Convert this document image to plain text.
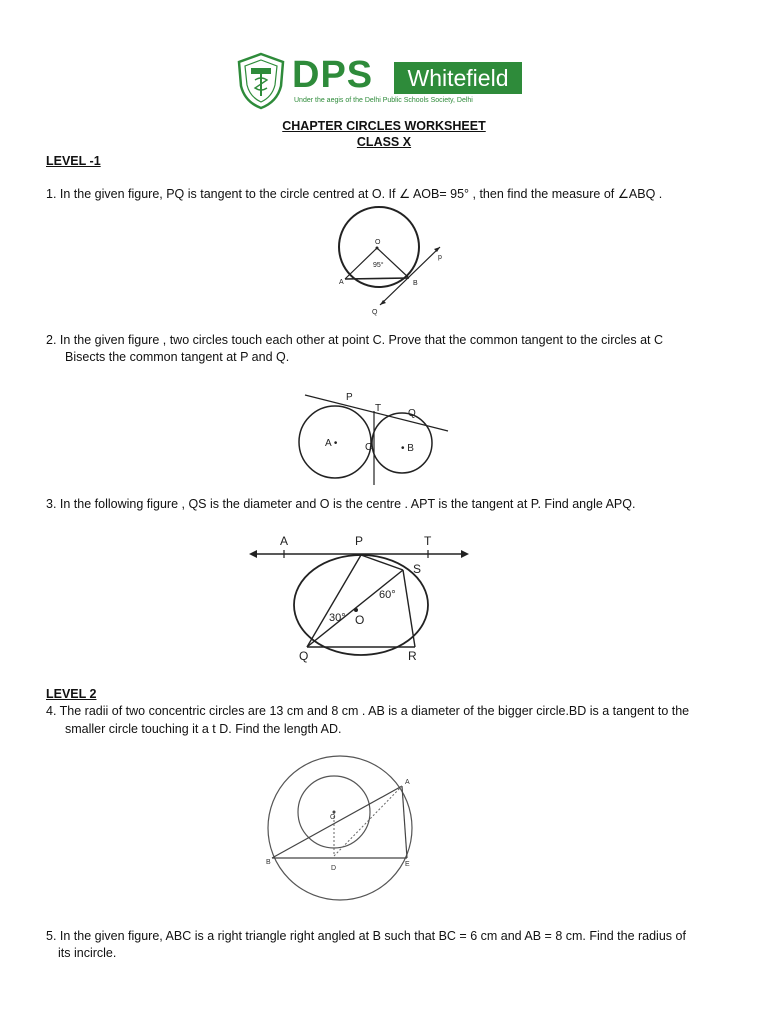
DPS	Whitefield
Under the aegis of the Delhi Public Schools Society, Delhi
CHAPTER CIRCLES WORKSHEET
CLASS X
LEVEL -1
1. In the given figure, PQ is tangent to the circle centred at O. If ∠ AOB= 95° , then find the measure of ∠ABQ .
O
95°
A	B
p
Q
2. In the given figure , two circles touch each other at point C. Prove that the common tangent to the circles at C
Bisects the common tangent at P and Q.
P
T	Q
A •	C	• B
3. In the following figure , QS is the diameter and O is the centre . APT is the tangent at P. Find angle APQ.
A	P	T
S
60°
30° O
Q	R
LEVEL 2
4. The radii of two concentric circles are 13 cm and 8 cm . AB is a diameter of the bigger circle.BD is a tangent to the
smaller circle touching it a t D. Find the length AD.
A
O
B
D
E
5. In the given figure, ABC is a right triangle right angled at B such that BC = 6 cm and AB = 8 cm. Find the radius of
its incircle.
